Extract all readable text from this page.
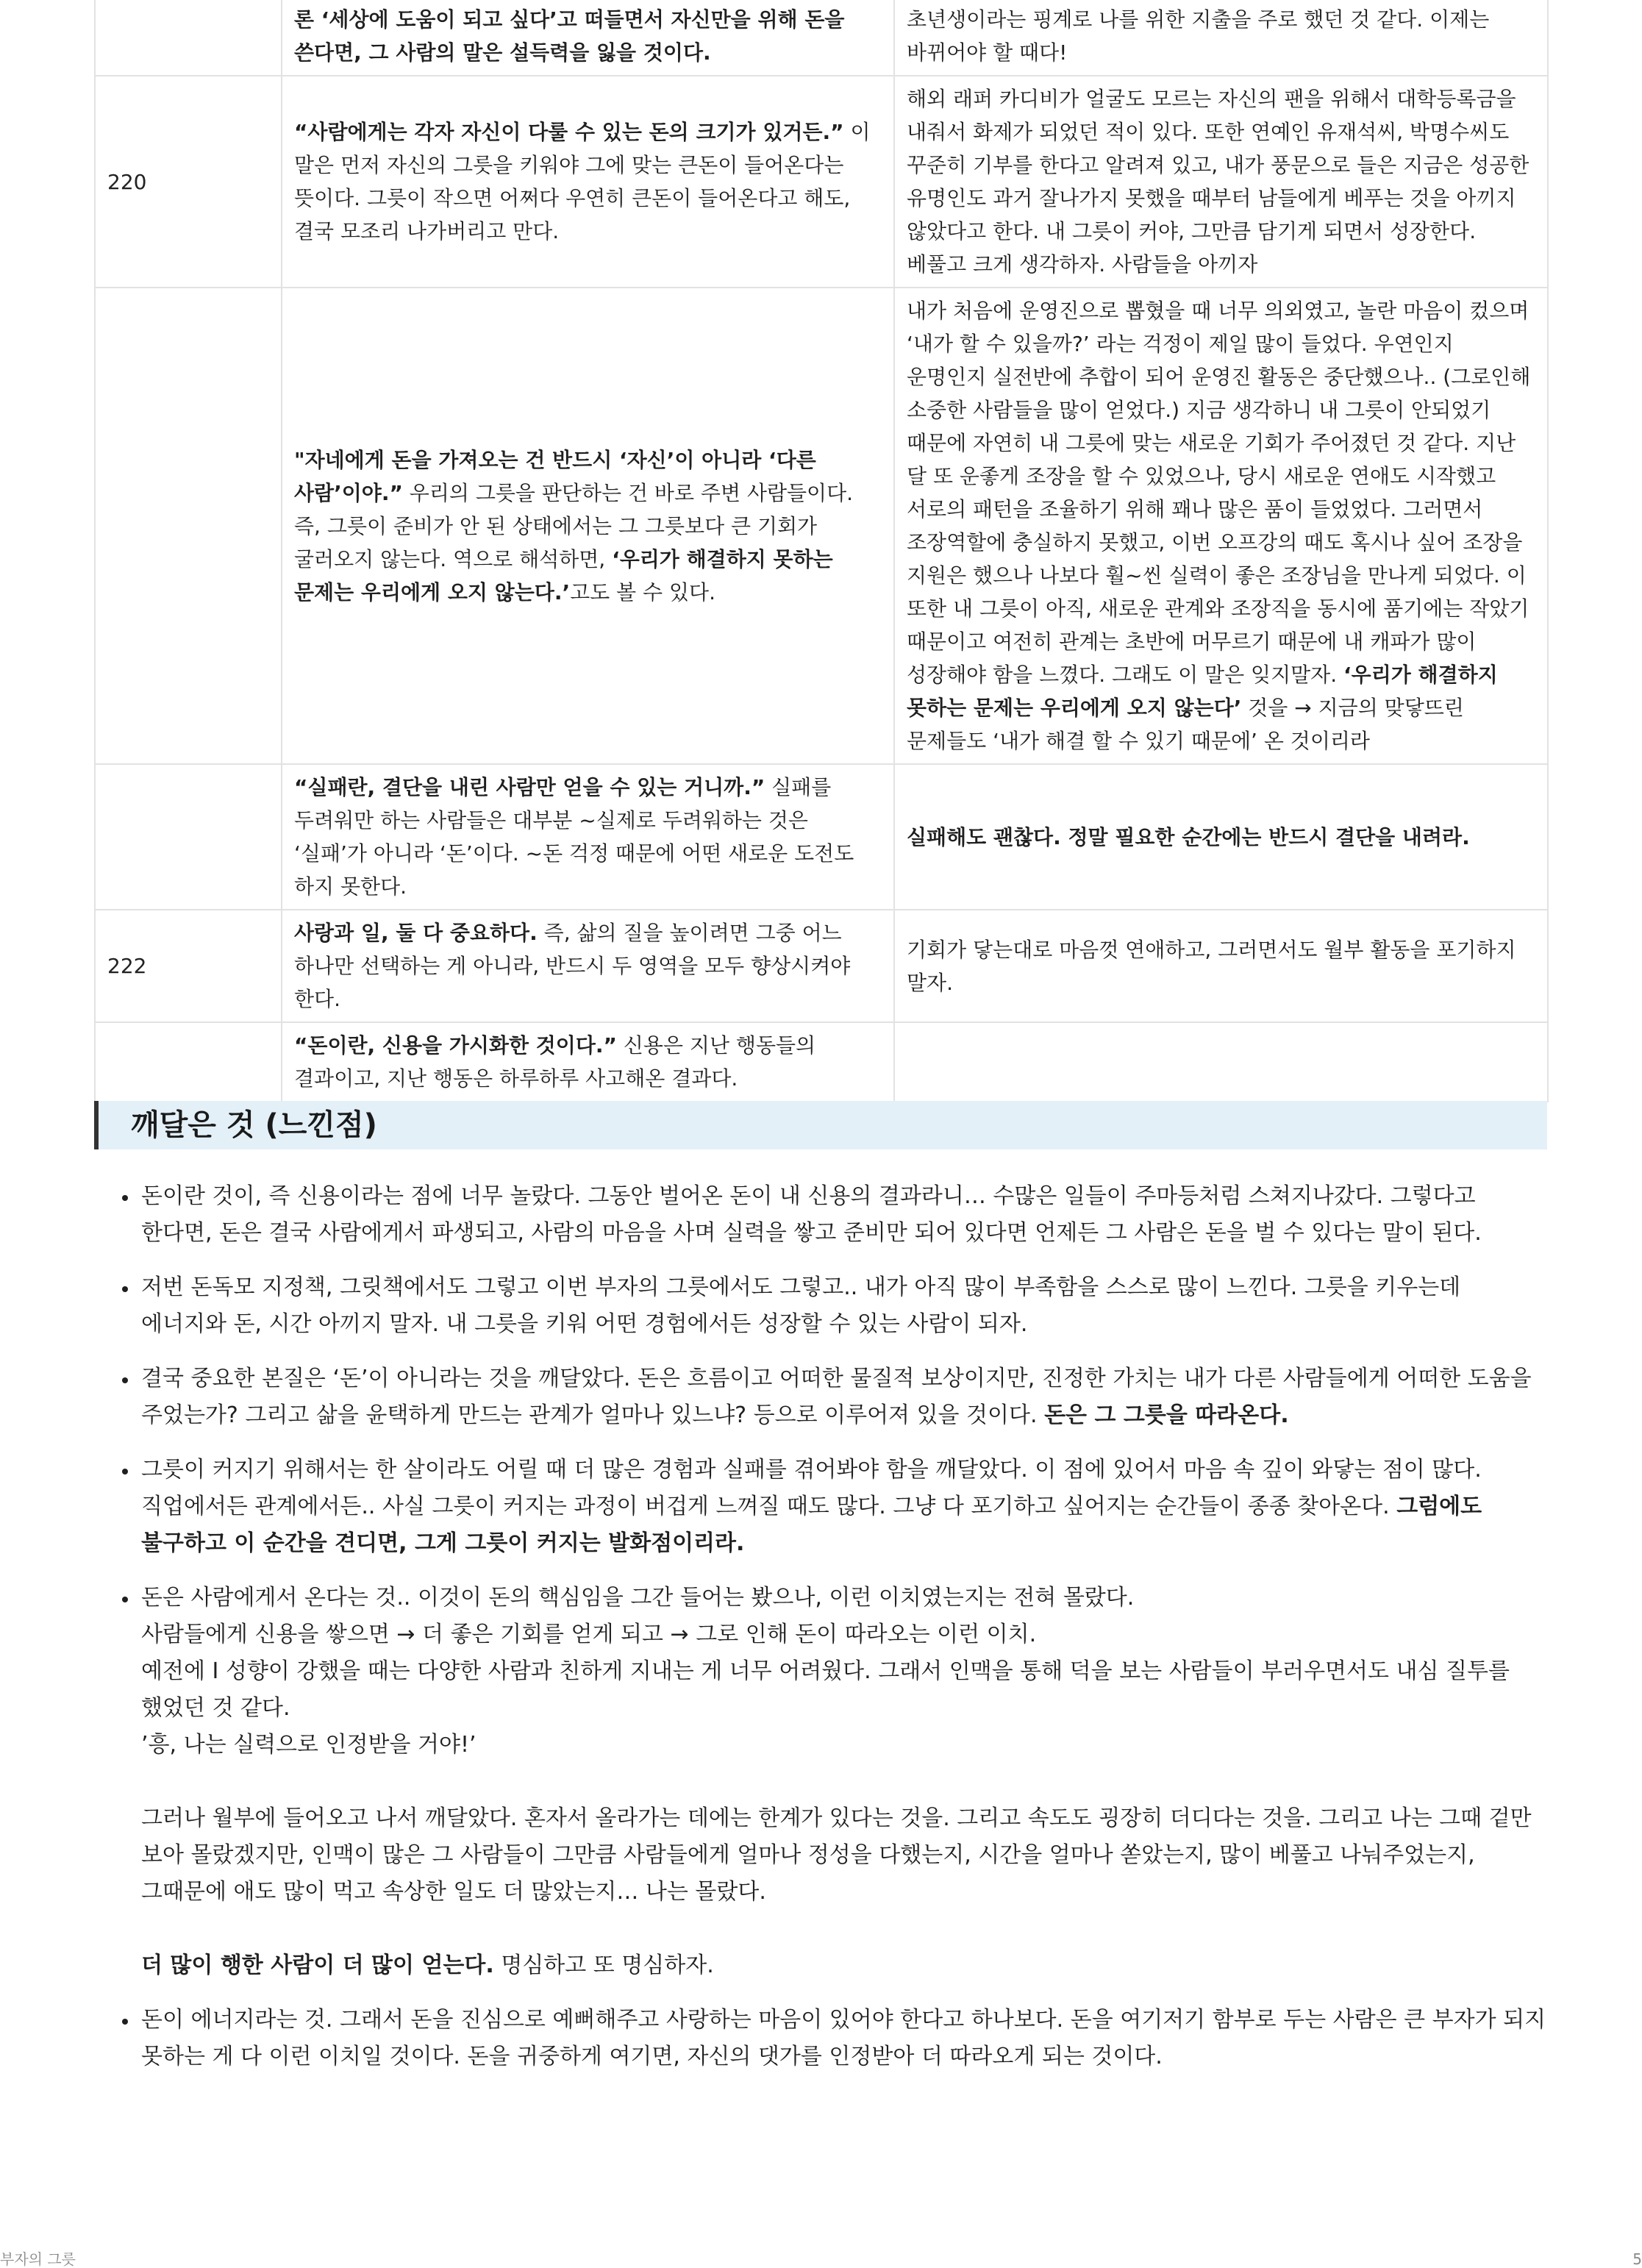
	론 ‘세상에 도움이 되고 싶다’고 떠들면서 자신만을 위해 돈을 쓴다면, 그 사람의 말은 설득력을 잃을 것이다.	초년생이라는 핑계로 나를 위한 지출을 주로 했던 것 같다. 이제는 바뀌어야 할 때다!
220	“사람에게는 각자 자신이 다룰 수 있는 돈의 크기가 있거든.” 이 말은 먼저 자신의 그릇을 키워야 그에 맞는 큰돈이 들어온다는 뜻이다. 그릇이 작으면 어쩌다 우연히 큰돈이 들어온다고 해도, 결국 모조리 나가버리고 만다.	해외 래퍼 카디비가 얼굴도 모르는 자신의 팬을 위해서 대학등록금을 내줘서 화제가 되었던 적이 있다. 또한 연예인 유재석씨, 박명수씨도 꾸준히 기부를 한다고 알려져 있고, 내가 풍문으로 들은 지금은 성공한 유명인도 과거 잘나가지 못했을 때부터 남들에게 베푸는 것을 아끼지 않았다고 한다. 내 그릇이 커야, 그만큼 담기게 되면서 성장한다. 베풀고 크게 생각하자. 사람들을 아끼자
	"자네에게 돈을 가져오는 건 반드시 ‘자신’이 아니라 ‘다른 사람’이야.” 우리의 그릇을 판단하는 건 바로 주변 사람들이다. 즉, 그릇이 준비가 안 된 상태에서는 그 그릇보다 큰 기회가 굴러오지 않는다. 역으로 해석하면, ‘우리가 해결하지 못하는 문제는 우리에게 오지 않는다.’고도 볼 수 있다.	내가 처음에 운영진으로 뽑혔을 때 너무 의외였고, 놀란 마음이 컸으며 ‘내가 할 수 있을까?’ 라는 걱정이 제일 많이 들었다. 우연인지 운명인지 실전반에 추합이 되어 운영진 활동은 중단했으나.. (그로인해 소중한 사람들을 많이 얻었다.) 지금 생각하니 내 그릇이 안되었기 때문에 자연히 내 그릇에 맞는 새로운 기회가 주어졌던 것 같다. 지난 달 또 운좋게 조장을 할 수 있었으나, 당시 새로운 연애도 시작했고 서로의 패턴을 조율하기 위해 꽤나 많은 품이 들었었다. 그러면서 조장역할에 충실하지 못했고, 이번 오프강의 때도 혹시나 싶어 조장을 지원은 했으나 나보다 훨~씬 실력이 좋은 조장님을 만나게 되었다. 이 또한 내 그릇이 아직, 새로운 관계와 조장직을 동시에 품기에는 작았기 때문이고 여전히 관계는 초반에 머무르기 때문에 내 캐파가 많이 성장해야 함을 느꼈다. 그래도 이 말은 잊지말자. ‘우리가 해결하지 못하는 문제는 우리에게 오지 않는다’ 것을 → 지금의 맞닿뜨린 문제들도 ‘내가 해결 할 수 있기 때문에’ 온 것이리라
	“실패란, 결단을 내린 사람만 얻을 수 있는 거니까.” 실패를 두려워만 하는 사람들은 대부분 ~실제로 두려워하는 것은 ‘실패’가 아니라 ‘돈’이다. ~돈 걱정 때문에 어떤 새로운 도전도 하지 못한다.	실패해도 괜찮다. 정말 필요한 순간에는 반드시 결단을 내려라.
222	사랑과 일, 둘 다 중요하다. 즉, 삶의 질을 높이려면 그중 어느 하나만 선택하는 게 아니라, 반드시 두 영역을 모두 향상시켜야 한다.	기회가 닿는대로 마음껏 연애하고, 그러면서도 월부 활동을 포기하지 말자.
	“돈이란, 신용을 가시화한 것이다.” 신용은 지난 행동들의 결과이고, 지난 행동은 하루하루 사고해온 결과다.	
깨달은 것 (느낀점)
• 돈이란 것이, 즉 신용이라는 점에 너무 놀랐다. 그동안 벌어온 돈이 내 신용의 결과라니… 수많은 일들이 주마등처럼 스쳐지나갔다. 그렇다고 한다면, 돈은 결국 사람에게서 파생되고, 사람의 마음을 사며 실력을 쌓고 준비만 되어 있다면 언제든 그 사람은 돈을 벌 수 있다는 말이 된다.
• 저번 돈독모 지정책, 그릿책에서도 그렇고 이번 부자의 그릇에서도 그렇고.. 내가 아직 많이 부족함을 스스로 많이 느낀다. 그릇을 키우는데 에너지와 돈, 시간 아끼지 말자. 내 그릇을 키워 어떤 경험에서든 성장할 수 있는 사람이 되자.
• 결국 중요한 본질은 ‘돈’이 아니라는 것을 깨달았다. 돈은 흐름이고 어떠한 물질적 보상이지만, 진정한 가치는 내가 다른 사람들에게 어떠한 도움을 주었는가? 그리고 삶을 윤택하게 만드는 관계가 얼마나 있느냐? 등으로 이루어져 있을 것이다. 돈은 그 그릇을 따라온다.
• 그릇이 커지기 위해서는 한 살이라도 어릴 때 더 많은 경험과 실패를 겪어봐야 함을 깨달았다. 이 점에 있어서 마음 속 깊이 와닿는 점이 많다. 직업에서든 관계에서든.. 사실 그릇이 커지는 과정이 버겁게 느껴질 때도 많다. 그냥 다 포기하고 싶어지는 순간들이 종종 찾아온다. 그럼에도 불구하고 이 순간을 견디면, 그게 그릇이 커지는 발화점이리라.
• 돈은 사람에게서 온다는 것.. 이것이 돈의 핵심임을 그간 들어는 봤으나, 이런 이치였는지는 전혀 몰랐다.
사람들에게 신용을 쌓으면 → 더 좋은 기회를 얻게 되고 → 그로 인해 돈이 따라오는 이런 이치.
예전에 I 성향이 강했을 때는 다양한 사람과 친하게 지내는 게 너무 어려웠다. 그래서 인맥을 통해 덕을 보는 사람들이 부러우면서도 내심 질투를 했었던 것 같다.
’흥, 나는 실력으로 인정받을 거야!’
그러나 월부에 들어오고 나서 깨달았다. 혼자서 올라가는 데에는 한계가 있다는 것을. 그리고 속도도 굉장히 더디다는 것을. 그리고 나는 그때 겉만 보아 몰랐겠지만, 인맥이 많은 그 사람들이 그만큼 사람들에게 얼마나 정성을 다했는지, 시간을 얼마나 쏟았는지, 많이 베풀고 나눠주었는지, 그때문에 애도 많이 먹고 속상한 일도 더 많았는지… 나는 몰랐다.
더 많이 행한 사람이 더 많이 얻는다. 명심하고 또 명심하자.
• 돈이 에너지라는 것. 그래서 돈을 진심으로 예뻐해주고 사랑하는 마음이 있어야 한다고 하나보다. 돈을 여기저기 함부로 두는 사람은 큰 부자가 되지 못하는 게 다 이런 이치일 것이다. 돈을 귀중하게 여기면, 자신의 댓가를 인정받아 더 따라오게 되는 것이다.
부자의 그릇	5
